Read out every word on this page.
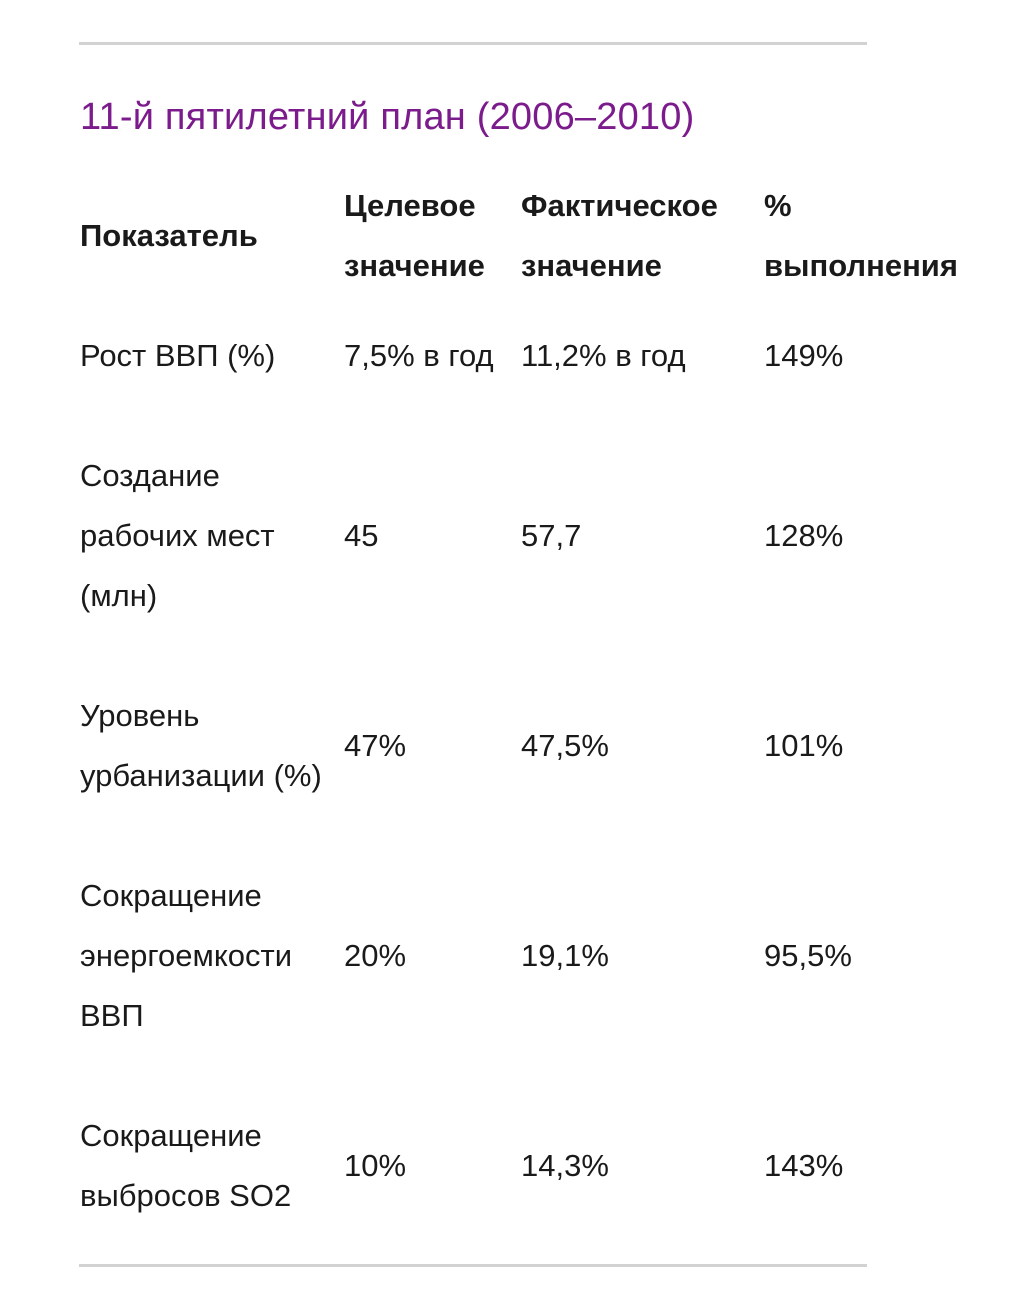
11-й пятилетний план (2006–2010)
Показатель	Целевое значение	Фактическое значение	% выполнения
Рост ВВП (%)	7,5% в год	11,2% в год	149%
Создание рабочих мест (млн)	45	57,7	128%
Уровень урбанизации (%)	47%	47,5%	101%
Сокращение энергоемкости ВВП	20%	19,1%	95,5%
Сокращение выбросов SO2	10%	14,3%	143%
